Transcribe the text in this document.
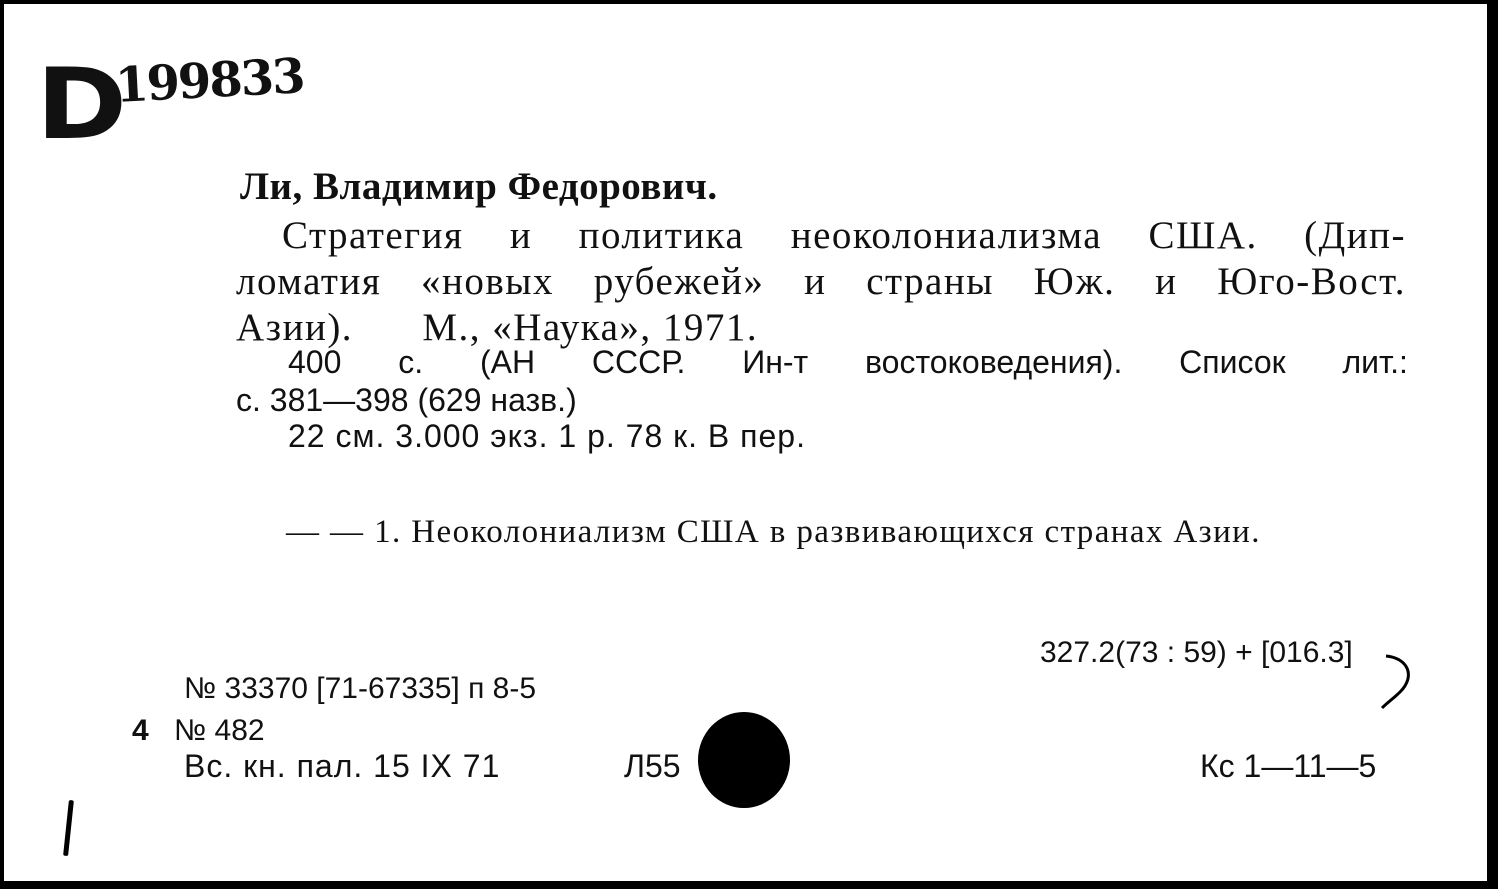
D
199833
Ли, Владимир Федорович.
Стратегия и политика неоколониализма США. (Дип-
ломатия «новых рубежей» и страны Юж. и Юго-Вост.
Азии). М., «Наука», 1971.
400 с. (АН СССР. Ин-т востоковедения). Список лит.:
с. 381—398 (629 назв.)
22 см. 3.000 экз. 1 р. 78 к. В пер.
— — 1. Неоколониализм США в развивающихся странах Азии.
327.2(73 : 59) + [016.3]
№ 33370 [71-67335] п 8-5
4 № 482
Вс. кн. пал. 15 IX 71	Л55	Кс 1—11—5
